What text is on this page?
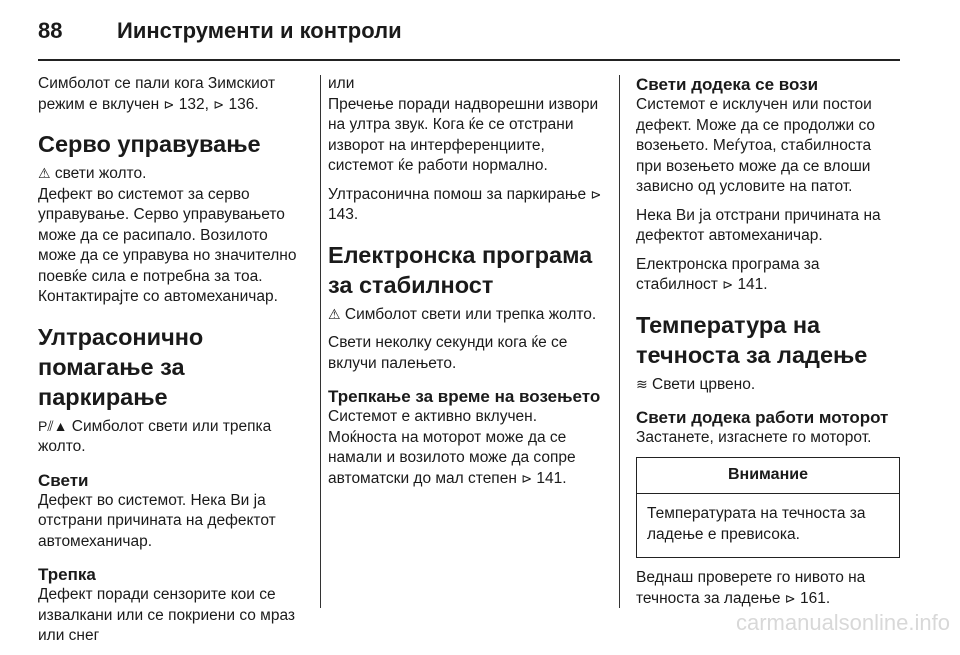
88 Иинструменти и контроли

Симболот се пали кога Зимскиот режим е вклучен ⊳ 132, ⊳ 136.

Серво управување

⚠ свети жолто.

Дефект во системот за серво управување. Серво управувањето може да се расипало. Возилото може да се управува но значително поевќе сила е потребна за тоа. Контактирајте со автомеханичар.

Ултрасонично помагање за паркирање

P⫽▲ Симболот свети или трепка жолто.

Свети

Дефект во системот. Нека Ви ја отстрани причината на дефектот автомеханичар.

Трепка

Дефект поради сензорите кои се извалкани или се покриени со мраз или снег

или

Пречење поради надворешни извори на ултра звук. Кога ќе се отстрани изворот на интерференциите, системот ќе работи нормално.

Ултрасонична помош за паркирање ⊳ 143.

Електронска програма за стабилност

⚠ Симболот свети или трепка жолто.

Свети неколку секунди кога ќе се вклучи палењето.

Трепкање за време на возењето

Системот е активно вклучен.

Моќноста на моторот може да се намали и возилото може да сопре автоматски до мал степен ⊳ 141.

Свети додека се вози

Системот е исклучен или постои дефект. Може да се продолжи со возењето. Меѓутоа, стабилноста при возењето може да се влоши зависно од условите на патот.

Нека Ви ја отстрани причината на дефектот автомеханичар.

Електронска програма за стабилност ⊳ 141.

Температура на течноста за ладење

≋ Свети црвено.

Свети додека работи моторот

Застанете, изгаснете го моторот.

Внимание
Температурата на течноста за ладење е превисока.

Веднаш проверете го нивото на течноста за ладење ⊳ 161.

carmanualsonline.info
